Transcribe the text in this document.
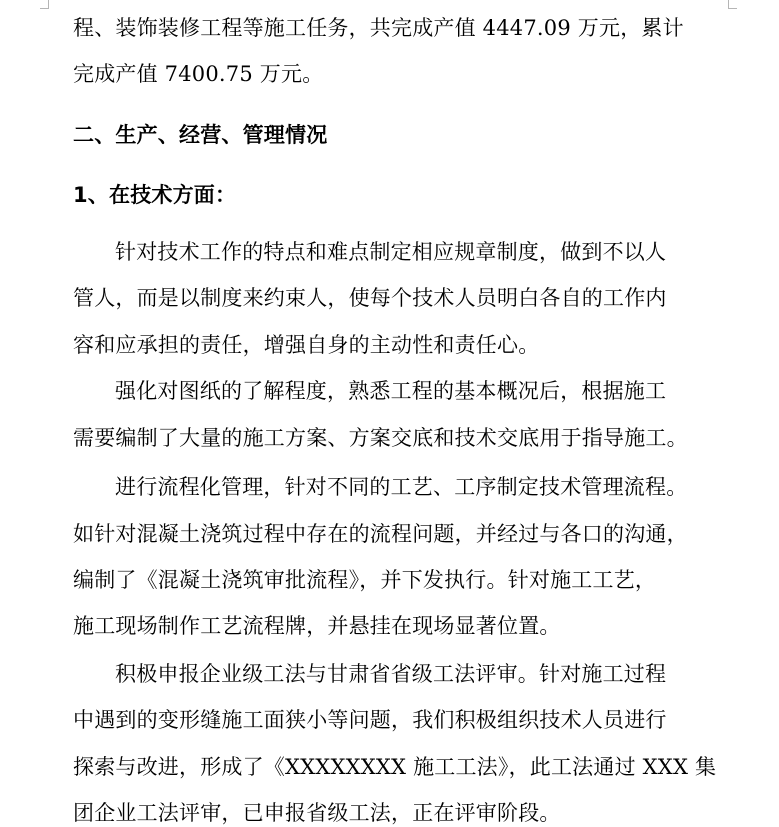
程、装饰装修工程等施工任务，共完成产值 4447.09 万元，累计
完成产值 7400.75 万元。
二、生产、经营、管理情况
1、在技术方面：
针对技术工作的特点和难点制定相应规章制度，做到不以人
管人，而是以制度来约束人，使每个技术人员明白各自的工作内
容和应承担的责任，增强自身的主动性和责任心。
强化对图纸的了解程度，熟悉工程的基本概况后，根据施工
需要编制了大量的施工方案、方案交底和技术交底用于指导施工。
进行流程化管理，针对不同的工艺、工序制定技术管理流程。
如针对混凝土浇筑过程中存在的流程问题，并经过与各口的沟通，
编制了《混凝土浇筑审批流程》，并下发执行。针对施工工艺，
施工现场制作工艺流程牌，并悬挂在现场显著位置。
积极申报企业级工法与甘肃省省级工法评审。针对施工过程
中遇到的变形缝施工面狭小等问题，我们积极组织技术人员进行
探索与改进，形成了《XXXXXXXX 施工工法》，此工法通过 XXX 集
团企业工法评审，已申报省级工法，正在评审阶段。
